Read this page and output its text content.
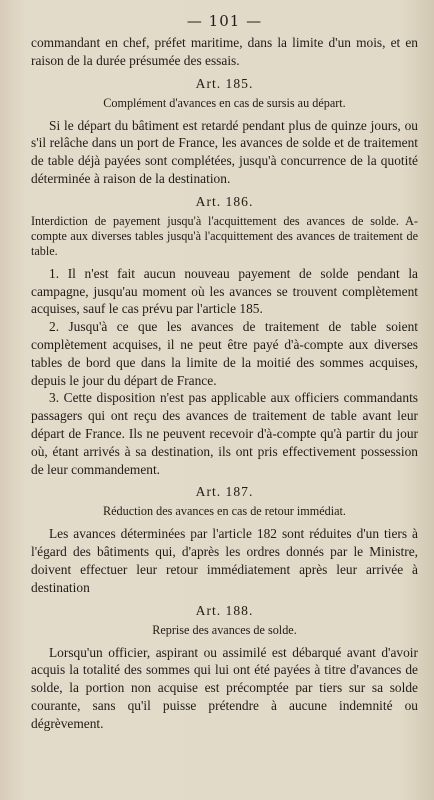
— 101 —

commandant en chef, préfet maritime, dans la limite d'un mois, et en raison de la durée présumée des essais.

Art. 185.
Complément d'avances en cas de sursis au départ.

Si le départ du bâtiment est retardé pendant plus de quinze jours, ou s'il relâche dans un port de France, les avances de solde et de traitement de table déjà payées sont complétées, jusqu'à concurrence de la quotité déterminée à raison de la destination.

Art. 186.
Interdiction de payement jusqu'à l'acquittement des avances de solde. A-compte aux diverses tables jusqu'à l'acquittement des avances de traitement de table.

1. Il n'est fait aucun nouveau payement de solde pendant la campagne, jusqu'au moment où les avances se trouvent complètement acquises, sauf le cas prévu par l'article 185.

2. Jusqu'à ce que les avances de traitement de table soient complètement acquises, il ne peut être payé d'à-compte aux diverses tables de bord que dans la limite de la moitié des sommes acquises, depuis le jour du départ de France.

3. Cette disposition n'est pas applicable aux officiers commandants passagers qui ont reçu des avances de traitement de table avant leur départ de France. Ils ne peuvent recevoir d'à-compte qu'à partir du jour où, étant arrivés à sa destination, ils ont pris effectivement possession de leur commandement.

Art. 187.
Réduction des avances en cas de retour immédiat.

Les avances déterminées par l'article 182 sont réduites d'un tiers à l'égard des bâtiments qui, d'après les ordres donnés par le Ministre, doivent effectuer leur retour immédiatement après leur arrivée à destination

Art. 188.
Reprise des avances de solde.

Lorsqu'un officier, aspirant ou assimilé est débarqué avant d'avoir acquis la totalité des sommes qui lui ont été payées à titre d'avances de solde, la portion non acquise est précomptée par tiers sur sa solde courante, sans qu'il puisse prétendre à aucune indemnité ou dégrèvement.
